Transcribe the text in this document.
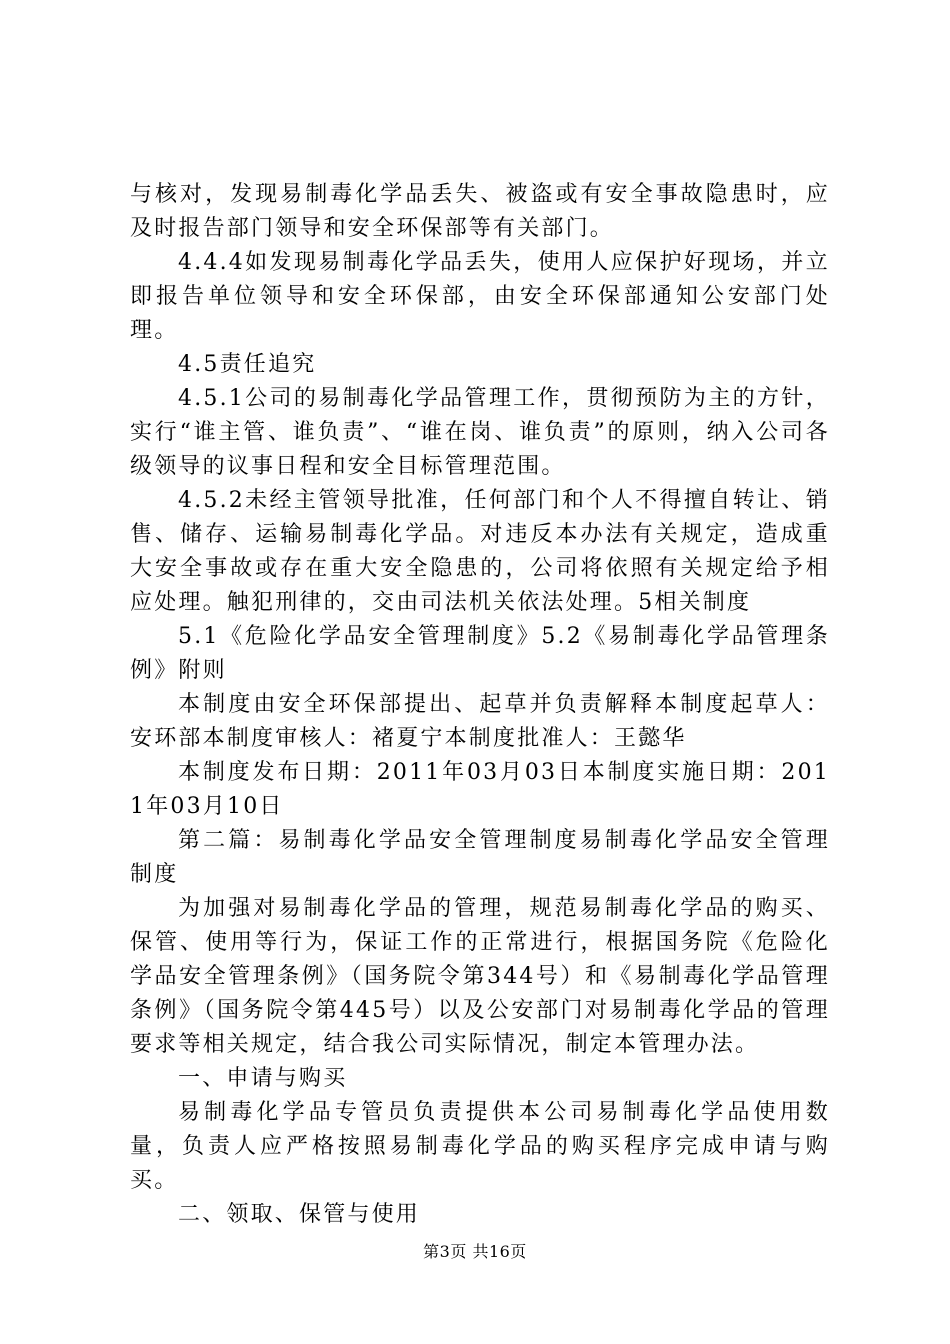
与核对，发现易制毒化学品丢失、被盗或有安全事故隐患时，应及时报告部门领导和安全环保部等有关部门。

4.4.4如发现易制毒化学品丢失，使用人应保护好现场，并立即报告单位领导和安全环保部，由安全环保部通知公安部门处理。

4.5责任追究

4.5.1公司的易制毒化学品管理工作，贯彻预防为主的方针，实行“谁主管、谁负责”、“谁在岗、谁负责”的原则，纳入公司各级领导的议事日程和安全目标管理范围。

4.5.2未经主管领导批准，任何部门和个人不得擅自转让、销售、储存、运输易制毒化学品。对违反本办法有关规定，造成重大安全事故或存在重大安全隐患的，公司将依照有关规定给予相应处理。触犯刑律的，交由司法机关依法处理。5相关制度

5.1《危险化学品安全管理制度》5.2《易制毒化学品管理条例》附则

本制度由安全环保部提出、起草并负责解释本制度起草人：安环部本制度审核人：褚夏宁本制度批准人：王懿华

本制度发布日期：2011年03月03日本制度实施日期：2011年03月10日

第二篇：易制毒化学品安全管理制度易制毒化学品安全管理制度

为加强对易制毒化学品的管理，规范易制毒化学品的购买、保管、使用等行为，保证工作的正常进行，根据国务院《危险化学品安全管理条例》（国务院令第344号）和《易制毒化学品管理条例》（国务院令第445号）以及公安部门对易制毒化学品的管理要求等相关规定，结合我公司实际情况，制定本管理办法。

一、申请与购买

易制毒化学品专管员负责提供本公司易制毒化学品使用数量，负责人应严格按照易制毒化学品的购买程序完成申请与购买。

二、领取、保管与使用

第3页 共16页
